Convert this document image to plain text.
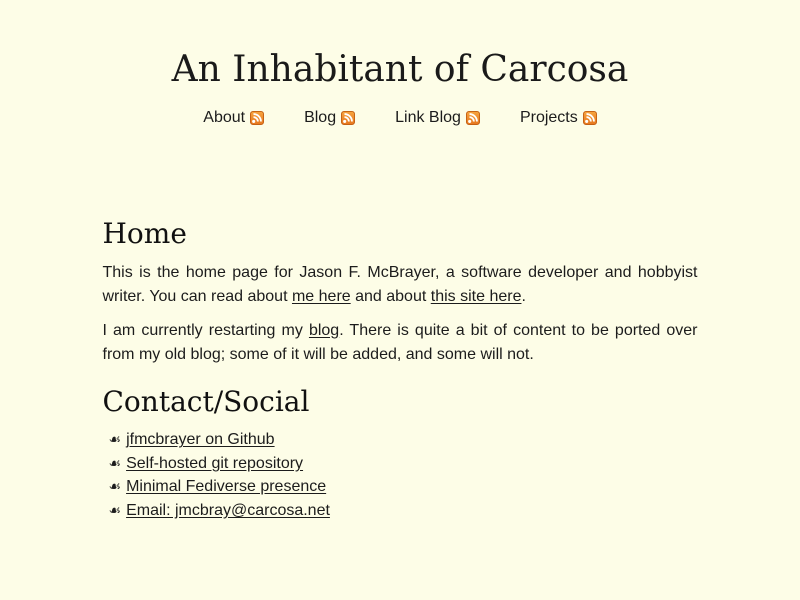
An Inhabitant of Carcosa
About	Blog	Link Blog	Projects
Home

This is the home page for Jason F. McBrayer, a software developer and hobbyist writer. You can read about me here and about this site here.

I am currently restarting my blog. There is quite a bit of content to be ported over from my old blog; some of it will be added, and some will not.

Contact/Social
☙ jfmcbrayer on Github
☙ Self-hosted git repository
☙ Minimal Fediverse presence
☙ Email: jmcbray@carcosa.net
